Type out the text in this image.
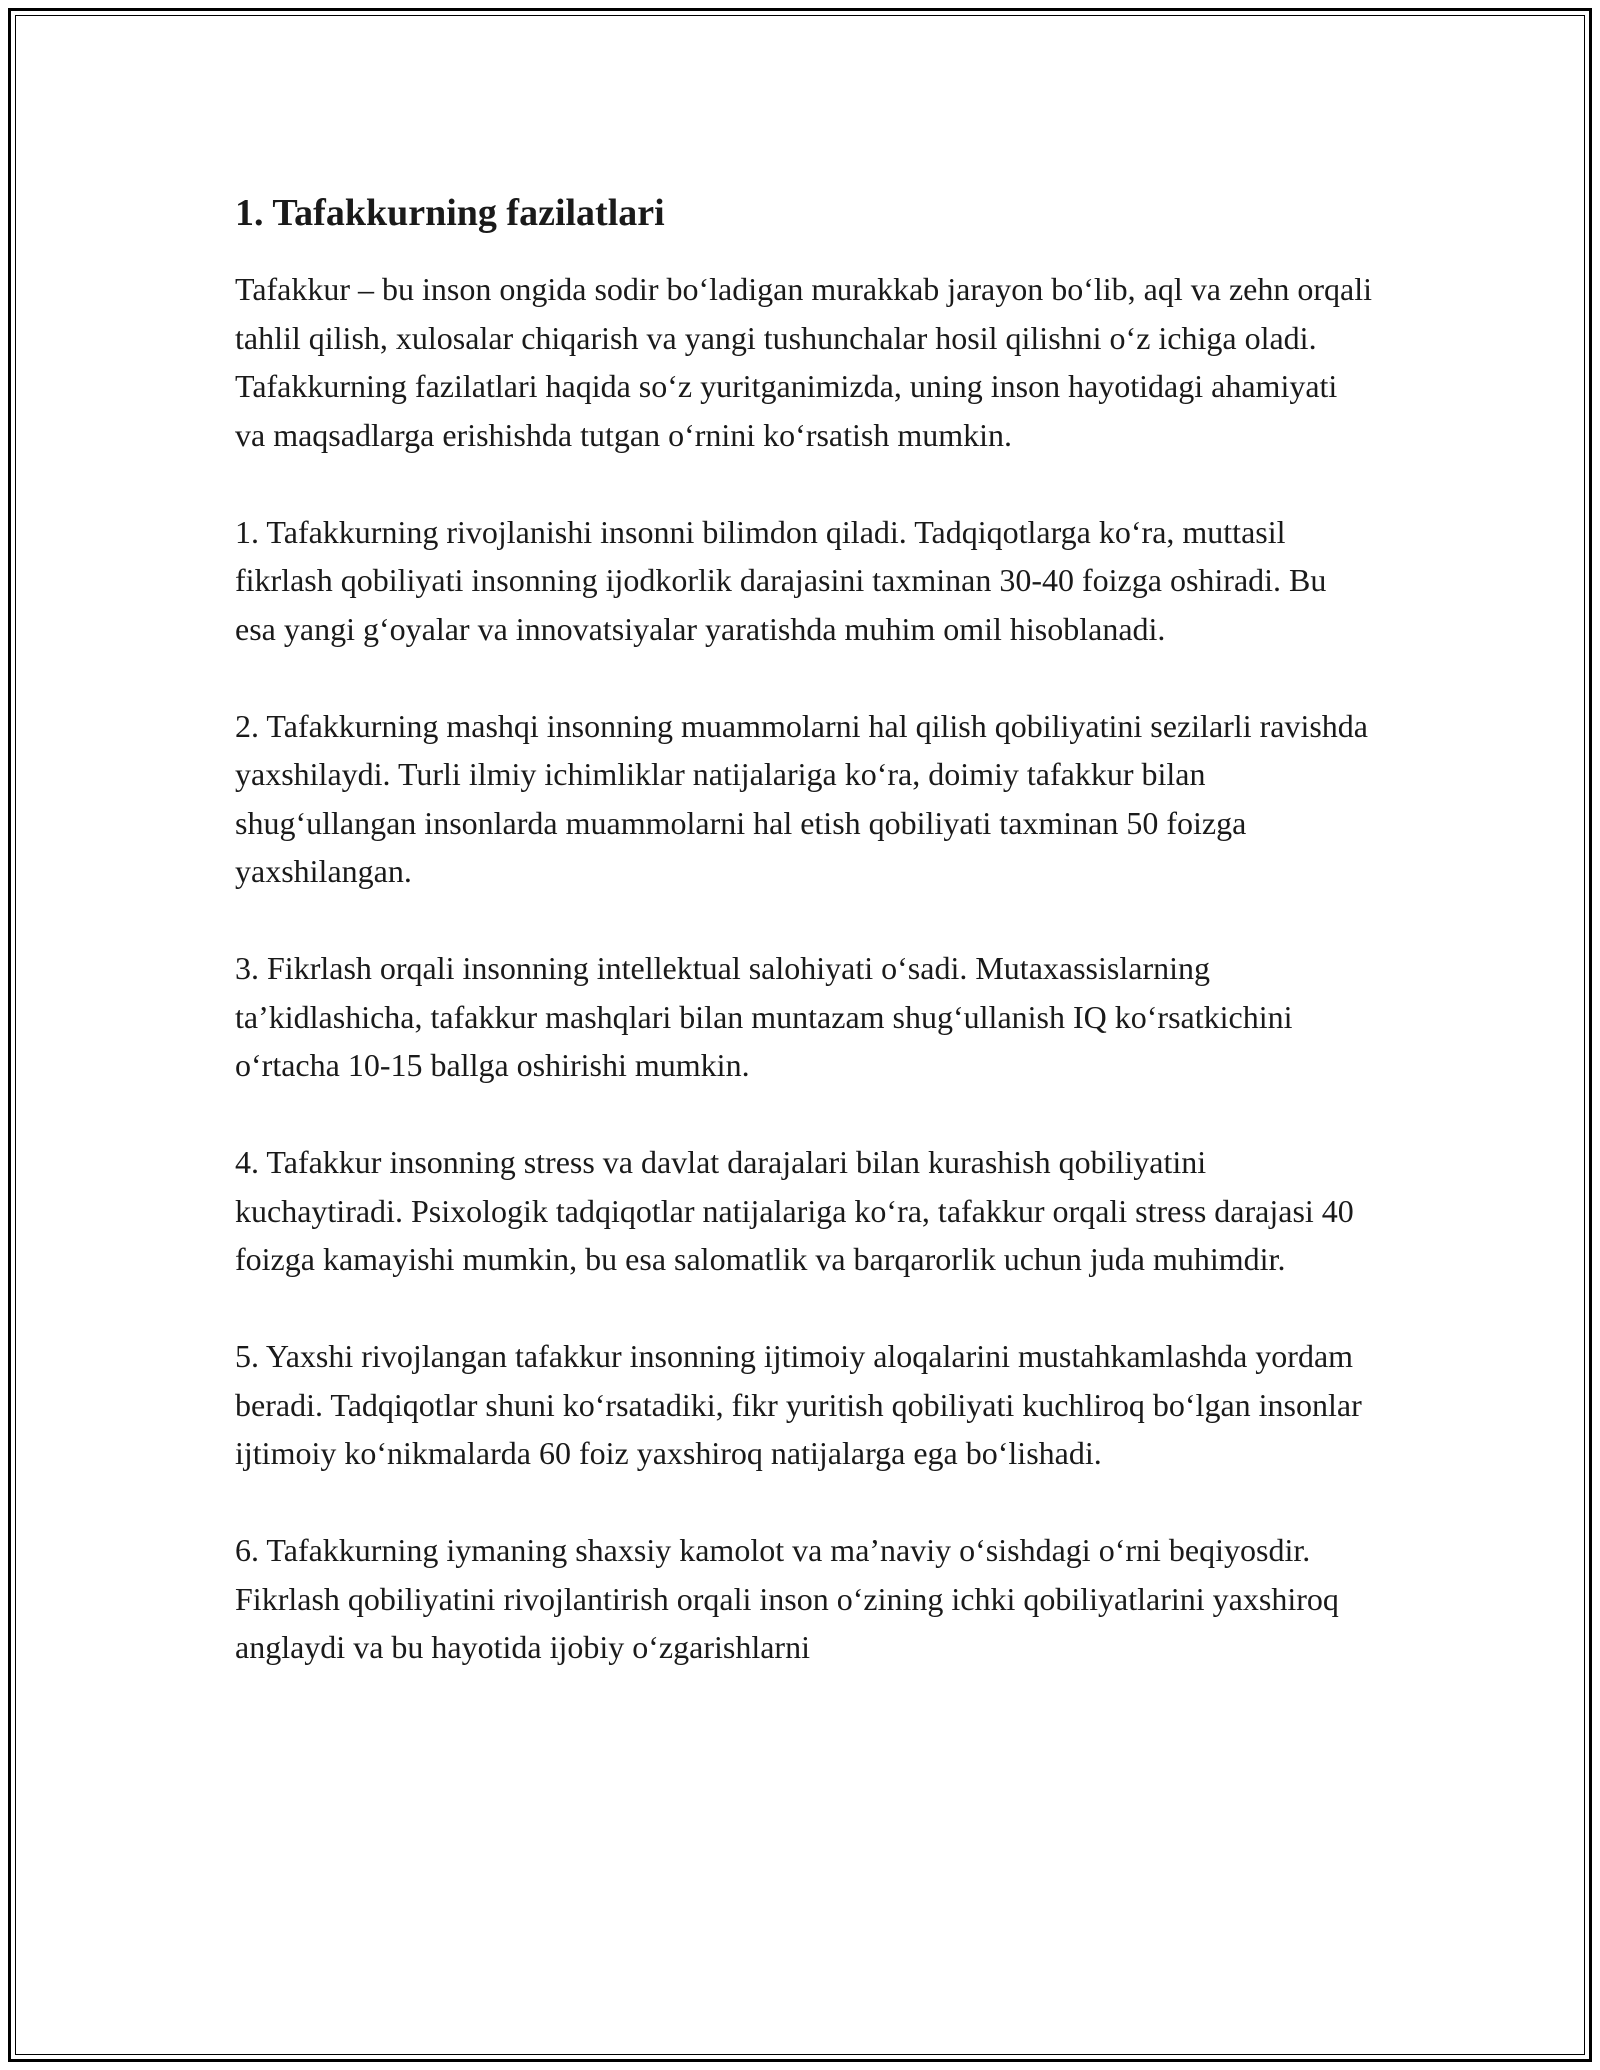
1. Tafakkurning fazilatlari

Tafakkur – bu inson ongida sodir boʻladigan murakkab jarayon boʻlib, aql va zehn orqali tahlil qilish, xulosalar chiqarish va yangi tushunchalar hosil qilishni oʻz ichiga oladi. Tafakkurning fazilatlari haqida soʻz yuritganimizda, uning inson hayotidagi ahamiyati va maqsadlarga erishishda tutgan oʻrnini koʻrsatish mumkin.

1. Tafakkurning rivojlanishi insonni bilimdon qiladi. Tadqiqotlarga koʻra, muttasil fikrlash qobiliyati insonning ijodkorlik darajasini taxminan 30-40 foizga oshiradi. Bu esa yangi gʻoyalar va innovatsiyalar yaratishda muhim omil hisoblanadi.

2. Tafakkurning mashqi insonning muammolarni hal qilish qobiliyatini sezilarli ravishda yaxshilaydi. Turli ilmiy ichimliklar natijalariga koʻra, doimiy tafakkur bilan shugʻullangan insonlarda muammolarni hal etish qobiliyati taxminan 50 foizga yaxshilangan.

3. Fikrlash orqali insonning intellektual salohiyati oʻsadi. Mutaxassislarning ta’kidlashicha, tafakkur mashqlari bilan muntazam shugʻullanish IQ koʻrsatkichini oʻrtacha 10-15 ballga oshirishi mumkin.

4. Tafakkur insonning stress va davlat darajalari bilan kurashish qobiliyatini kuchaytiradi. Psixologik tadqiqotlar natijalariga koʻra, tafakkur orqali stress darajasi 40 foizga kamayishi mumkin, bu esa salomatlik va barqarorlik uchun juda muhimdir.

5. Yaxshi rivojlangan tafakkur insonning ijtimoiy aloqalarini mustahkamlashda yordam beradi. Tadqiqotlar shuni koʻrsatadiki, fikr yuritish qobiliyati kuchliroq boʻlgan insonlar ijtimoiy koʻnikmalarda 60 foiz yaxshiroq natijalarga ega boʻlishadi.

6. Tafakkurning iymaning shaxsiy kamolot va ma’naviy oʻsishdagi oʻrni beqiyosdir. Fikrlash qobiliyatini rivojlantirish orqali inson oʻzining ichki qobiliyatlarini yaxshiroq anglaydi va bu hayotida ijobiy oʻzgarishlarni
